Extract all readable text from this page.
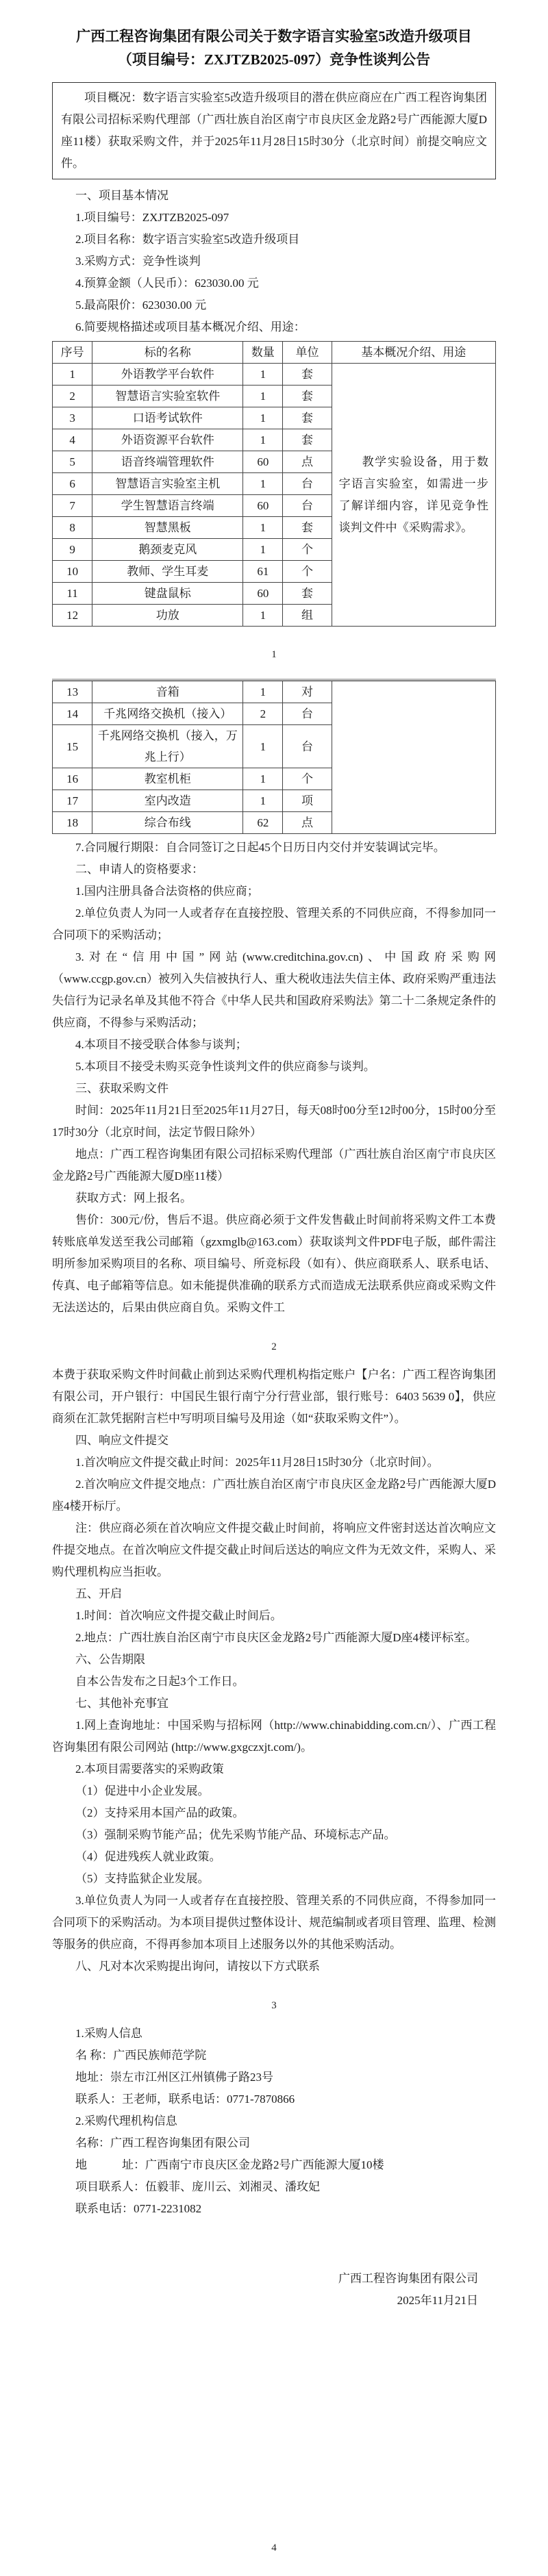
广西工程咨询集团有限公司关于数字语言实验室5改造升级项目
（项目编号：ZXJTZB2025-097）竞争性谈判公告

项目概况：数字语言实验室5改造升级项目的潜在供应商应在广西工程咨询集团有限公司招标采购代理部（广西壮族自治区南宁市良庆区金龙路2号广西能源大厦D座11楼）获取采购文件，并于2025年11月28日15时30分（北京时间）前提交响应文件。

一、项目基本情况

1.项目编号：ZXJTZB2025-097

2.项目名称：数字语言实验室5改造升级项目

3.采购方式：竞争性谈判

4.预算金额（人民币）：623030.00 元

5.最高限价：623030.00 元

6.简要规格描述或项目基本概况介绍、用途：

序号	标的名称	数量	单位	基本概况介绍、用途
1	外语教学平台软件	1	套	教学实验设备，用于数字语言实验室，如需进一步了解详细内容，详见竞争性谈判文件中《采购需求》。

2	智慧语言实验室软件	1	套	
3	口语考试软件	1	套	
4	外语资源平台软件	1	套	
5	语音终端管理软件	60	点	
6	智慧语言实验室主机	1	台	
7	学生智慧语言终端	60	台	
8	智慧黑板	1	套	
9	鹅颈麦克风	1	个	
10	教师、学生耳麦	61	个	
11	键盘鼠标	60	套	
12	功放	1	组	
1
13	音箱	1	对	
14	千兆网络交换机（接入）	2	台	
15	千兆网络交换机（接入，万兆上行）	1	台	
16	教室机柜	1	个	
17	室内改造	1	项	
18	综合布线	62	点	

7.合同履行期限：自合同签订之日起45个日历日内交付并安装调试完毕。

二、申请人的资格要求：

1.国内注册具备合法资格的供应商；

2.单位负责人为同一人或者存在直接控股、管理关系的不同供应商，不得参加同一合同项下的采购活动；

3.对在“信用中国”网站(www.creditchina.gov.cn)、中国政府采购网（www.ccgp.gov.cn）被列入失信被执行人、重大税收违法失信主体、政府采购严重违法失信行为记录名单及其他不符合《中华人民共和国政府采购法》第二十二条规定条件的供应商，不得参与采购活动；

4.本项目不接受联合体参与谈判；

5.本项目不接受未购买竞争性谈判文件的供应商参与谈判。

三、获取采购文件

时间：2025年11月21日至2025年11月27日，每天08时00分至12时00分，15时00分至17时30分（北京时间，法定节假日除外）

地点：广西工程咨询集团有限公司招标采购代理部（广西壮族自治区南宁市良庆区金龙路2号广西能源大厦D座11楼）

获取方式：网上报名。

售价：300元/份，售后不退。供应商必须于文件发售截止时间前将采购文件工本费转账底单发送至我公司邮箱（gzxmglb@163.com）获取谈判文件PDF电子版，邮件需注明所参加采购项目的名称、项目编号、所竞标段（如有）、供应商联系人、联系电话、传真、电子邮箱等信息。如未能提供准确的联系方式而造成无法联系供应商或采购文件无法送达的，后果由供应商自负。采购文件工

2

本费于获取采购文件时间截止前到达采购代理机构指定账户【户名：广西工程咨询集团有限公司，开户银行：中国民生银行南宁分行营业部，银行账号：6403 5639 0】，供应商须在汇款凭据附言栏中写明项目编号及用途（如“获取采购文件”）。

四、响应文件提交

1.首次响应文件提交截止时间：2025年11月28日15时30分（北京时间）。

2.首次响应文件提交地点：广西壮族自治区南宁市良庆区金龙路2号广西能源大厦D座4楼开标厅。

注：供应商必须在首次响应文件提交截止时间前，将响应文件密封送达首次响应文件提交地点。在首次响应文件提交截止时间后送达的响应文件为无效文件，采购人、采购代理机构应当拒收。

五、开启

1.时间：首次响应文件提交截止时间后。

2.地点：广西壮族自治区南宁市良庆区金龙路2号广西能源大厦D座4楼评标室。

六、公告期限

自本公告发布之日起3个工作日。

七、其他补充事宜

1.网上查询地址：中国采购与招标网（http://www.chinabidding.com.cn/）、广西工程咨询集团有限公司网站 (http://www.gxgczxjt.com/)。

2.本项目需要落实的采购政策

（1）促进中小企业发展。

（2）支持采用本国产品的政策。

（3）强制采购节能产品；优先采购节能产品、环境标志产品。

（4）促进残疾人就业政策。

（5）支持监狱企业发展。

3.单位负责人为同一人或者存在直接控股、管理关系的不同供应商，不得参加同一合同项下的采购活动。为本项目提供过整体设计、规范编制或者项目管理、监理、检测等服务的供应商，不得再参加本项目上述服务以外的其他采购活动。

八、凡对本次采购提出询问，请按以下方式联系

3

1.采购人信息

名 称：广西民族师范学院

地址：崇左市江州区江州镇佛子路23号

联系人：王老师，联系电话：0771-7870866

2.采购代理机构信息

名称：广西工程咨询集团有限公司

地　　　址：广西南宁市良庆区金龙路2号广西能源大厦10楼

项目联系人：伍毅菲、庞川云、刘湘灵、潘玫妃

联系电话：0771-2231082

广西工程咨询集团有限公司

2025年11月21日

4
